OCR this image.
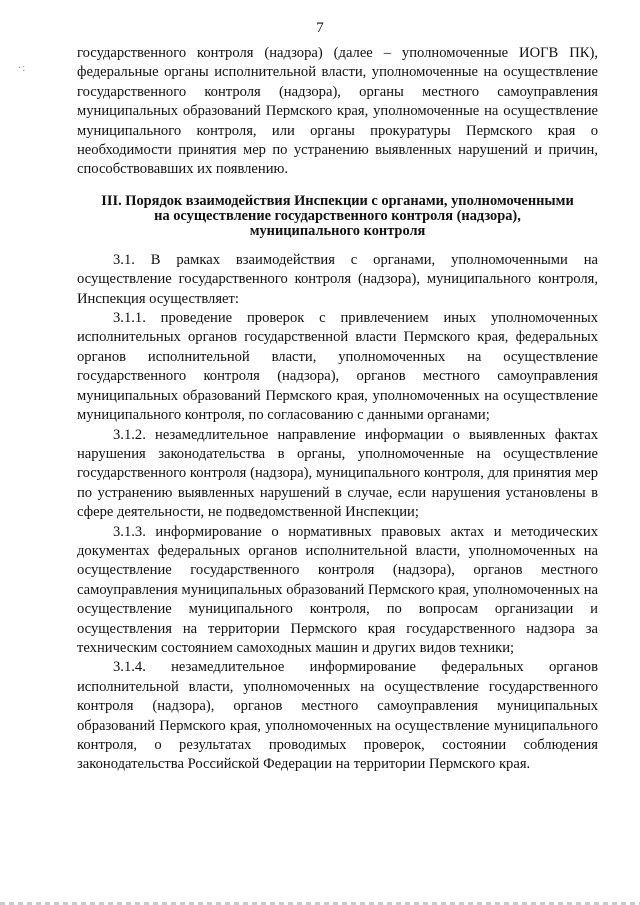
7
·:

государственного контроля (надзора) (далее – уполномоченные ИОГВ ПК), федеральные органы исполнительной власти, уполномоченные на осуществление государственного контроля (надзора), органы местного самоуправления муниципальных образований Пермского края, уполномоченные на осуществление муниципального контроля, или органы прокуратуры Пермского края о необходимости принятия мер по устранению выявленных нарушений и причин, способствовавших их появлению.

III. Порядок взаимодействия Инспекции с органами, уполномоченными
на осуществление государственного контроля (надзора),
муниципального контроля

3.1. В рамках взаимодействия с органами, уполномоченными на осуществление государственного контроля (надзора), муниципального контроля, Инспекция осуществляет:

3.1.1. проведение проверок с привлечением иных уполномоченных исполнительных органов государственной власти Пермского края, федеральных органов исполнительной власти, уполномоченных на осуществление государственного контроля (надзора), органов местного самоуправления муниципальных образований Пермского края, уполномоченных на осуществление муниципального контроля, по согласованию с данными органами;

3.1.2. незамедлительное направление информации о выявленных фактах нарушения законодательства в органы, уполномоченные на осуществление государственного контроля (надзора), муниципального контроля, для принятия мер по устранению выявленных нарушений в случае, если нарушения установлены в сфере деятельности, не подведомственной Инспекции;

3.1.3. информирование о нормативных правовых актах и методических документах федеральных органов исполнительной власти, уполномоченных на осуществление государственного контроля (надзора), органов местного самоуправления муниципальных образований Пермского края, уполномоченных на осуществление муниципального контроля, по вопросам организации и осуществления на территории Пермского края государственного надзора за техническим состоянием самоходных машин и других видов техники;

3.1.4. незамедлительное информирование федеральных органов исполнительной власти, уполномоченных на осуществление государственного контроля (надзора), органов местного самоуправления муниципальных образований Пермского края, уполномоченных на осуществление муниципального контроля, о результатах проводимых проверок, состоянии соблюдения законодательства Российской Федерации на территории Пермского края.
